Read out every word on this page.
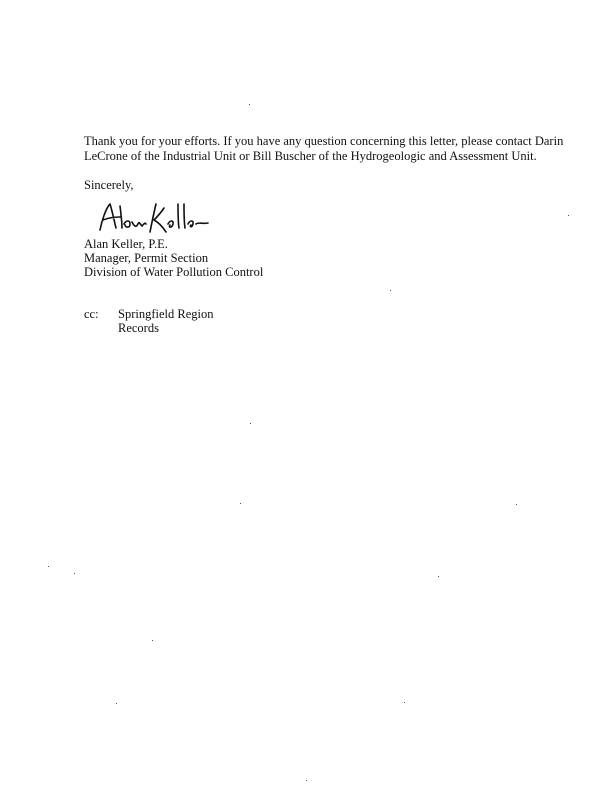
Thank you for your efforts. If you have any question concerning this letter, please contact Darin
LeCrone of the Industrial Unit or Bill Buscher of the Hydrogeologic and Assessment Unit.
Sincerely,
Alan Keller, P.E.
Manager, Permit Section
Division of Water Pollution Control
cc: Springfield Region
Records
